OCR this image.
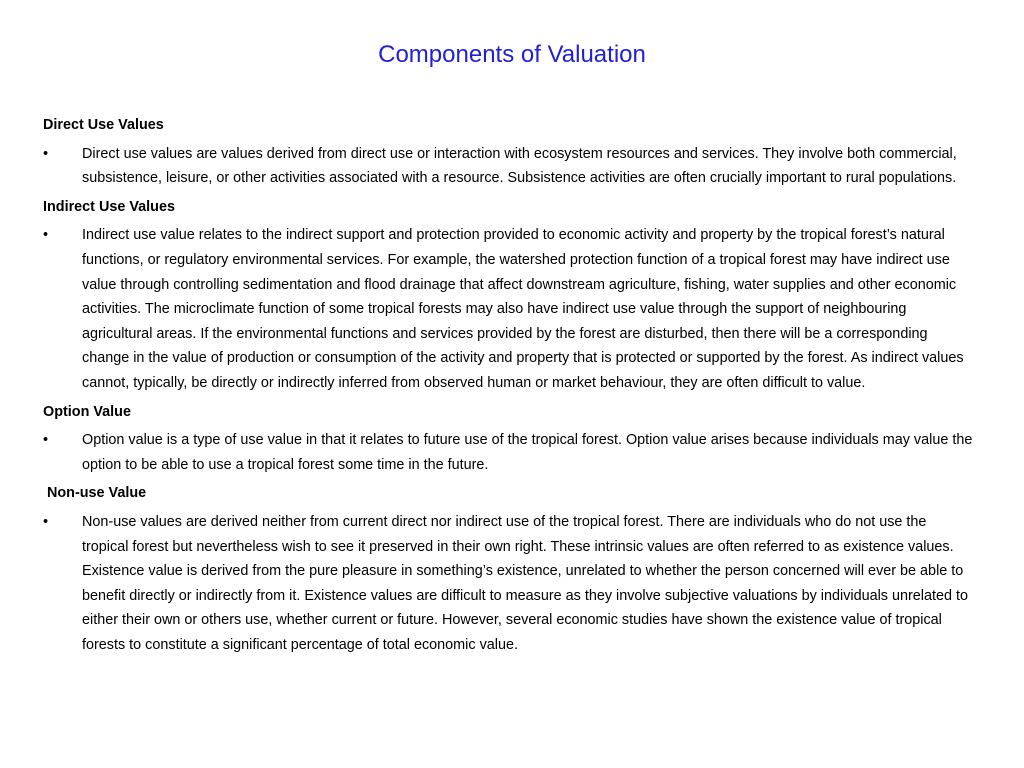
Components of Valuation
Direct Use Values
•	Direct use values are values derived from direct use or interaction with ecosystem resources and services. They involve both commercial, subsistence, leisure, or other activities associated with a resource. Subsistence activities are often crucially important to rural populations.
Indirect Use Values
•	Indirect use value relates to the indirect support and protection provided to economic activity and property by the tropical forest’s natural functions, or regulatory environmental services. For example, the watershed protection function of a tropical forest may have indirect use value through controlling sedimentation and flood drainage that affect downstream agriculture, fishing, water supplies and other economic activities. The microclimate function of some tropical forests may also have indirect use value through the support of neighbouring agricultural areas. If the environmental functions and services provided by the forest are disturbed, then there will be a corresponding change in the value of production or consumption of the activity and property that is protected or supported by the forest. As indirect values cannot, typically, be directly or indirectly inferred from observed human or market behaviour, they are often difficult to value.
Option Value
•	Option value is a type of use value in that it relates to future use of the tropical forest. Option value arises because individuals may value the option to be able to use a tropical forest some time in the future.
Non-use Value
•	Non-use values are derived neither from current direct nor indirect use of the tropical forest. There are individuals who do not use the tropical forest but nevertheless wish to see it preserved in their own right. These intrinsic values are often referred to as existence values. Existence value is derived from the pure pleasure in something’s existence, unrelated to whether the person concerned will ever be able to benefit directly or indirectly from it. Existence values are difficult to measure as they involve subjective valuations by individuals unrelated to either their own or others use, whether current or future. However, several economic studies have shown the existence value of tropical forests to constitute a significant percentage of total economic value.
